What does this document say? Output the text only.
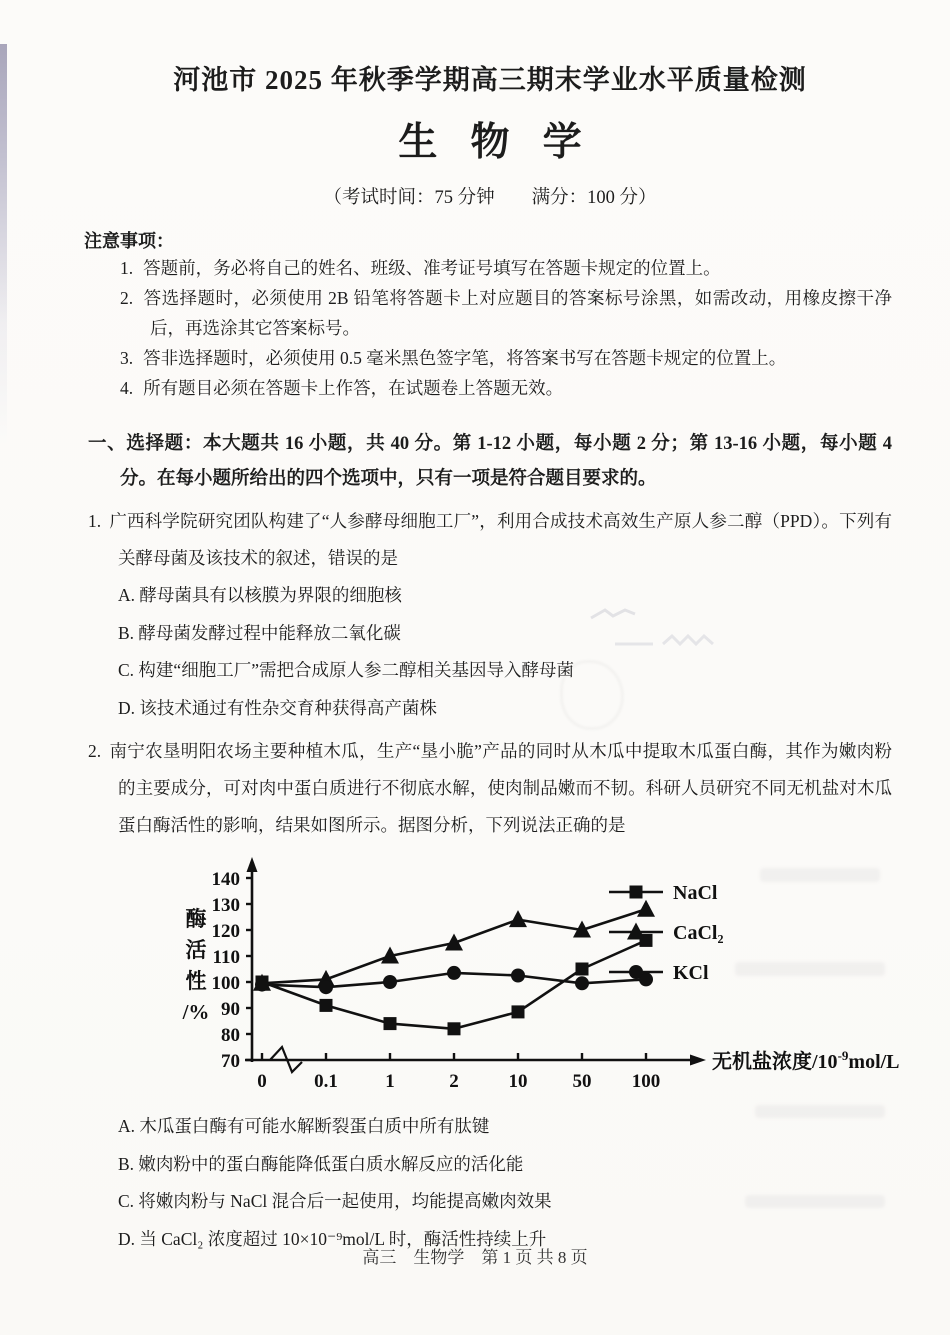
河池市 2025 年秋季学期高三期末学业水平质量检测
生 物 学

（考试时间：75 分钟　　满分：100 分）

注意事项：

1. 答题前，务必将自己的姓名、班级、准考证号填写在答题卡规定的位置上。

2. 答选择题时，必须使用 2B 铅笔将答题卡上对应题目的答案标号涂黑，如需改动，用橡皮擦干净后，再选涂其它答案标号。

3. 答非选择题时，必须使用 0.5 毫米黑色签字笔，将答案书写在答题卡规定的位置上。

4. 所有题目必须在答题卡上作答，在试题卷上答题无效。

一、选择题：本大题共 16 小题，共 40 分。第 1-12 小题，每小题 2 分；第 13-16 小题，每小题 4 分。在每小题所给出的四个选项中，只有一项是符合题目要求的。

1. 广西科学院研究团队构建了“人参酵母细胞工厂”，利用合成技术高效生产原人参二醇（PPD）。下列有关酵母菌及该技术的叙述，错误的是

A. 酵母菌具有以核膜为界限的细胞核

B. 酵母菌发酵过程中能释放二氧化碳

C. 构建“细胞工厂”需把合成原人参二醇相关基因导入酵母菌

D. 该技术通过有性杂交育种获得高产菌株

2. 南宁农垦明阳农场主要种植木瓜，生产“垦小脆”产品的同时从木瓜中提取木瓜蛋白酶，其作为嫩肉粉的主要成分，可对肉中蛋白质进行不彻底水解，使肉制品嫩而不韧。科研人员研究不同无机盐对木瓜蛋白酶活性的影响，结果如图所示。据图分析，下列说法正确的是

70
80
90
100
110
120
130
140
0 0.1 1	2	10 50 100
NaCl
CaCl₂
KCl
酶
活
性
/%
无机盐浓度$/10^{-9}mol/L$

A. 木瓜蛋白酶有可能水解断裂蛋白质中所有肽键

B. 嫩肉粉中的蛋白酶能降低蛋白质水解反应的活化能

C. 将嫩肉粉与 NaCl 混合后一起使用，均能提高嫩肉效果

D. 当 CaCl₂ 浓度超过 10×10⁻⁹mol/L 时，酶活性持续上升

高三　生物学　第 1 页 共 8 页
